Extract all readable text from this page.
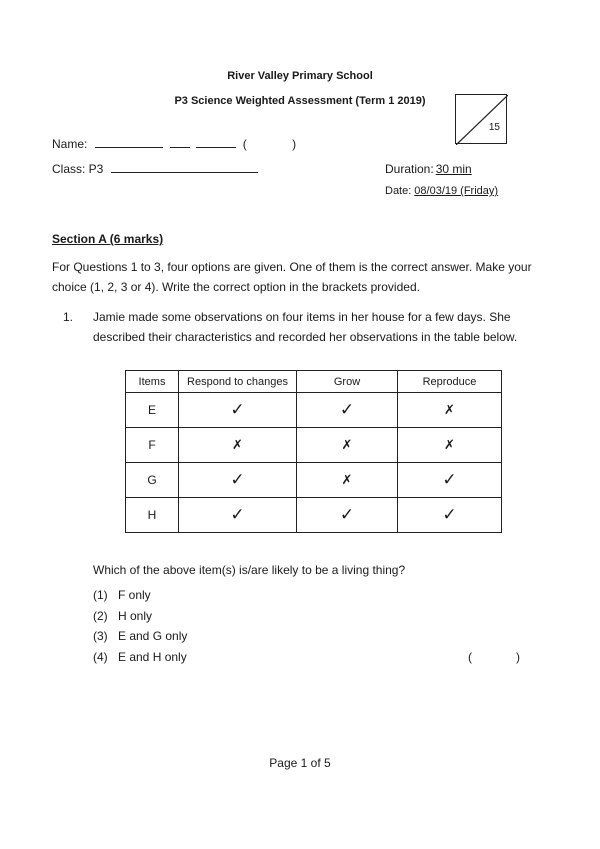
River Valley Primary School
P3 Science Weighted Assessment (Term 1 2019)
15
Name:	(	)
Class: P3	Duration: 30 min
Date: 08/03/19 (Friday)
Section A (6 marks)
For Questions 1 to 3, four options are given. One of them is the correct answer. Make your
choice (1, 2, 3 or 4). Write the correct option in the brackets provided.
1. Jamie made some observations on four items in her house for a few days. She
described their characteristics and recorded her observations in the table below.
Items	Respond to changes	Grow	Reproduce
E	✓	✓	✗
F	✗	✗	✗
G	✓	✗	✓
H	✓	✓	✓
Which of the above item(s) is/are likely to be a living thing?
(1) F only
(2) H only
(3) E and G only
(4) E and H only	(	)
Page 1 of 5
